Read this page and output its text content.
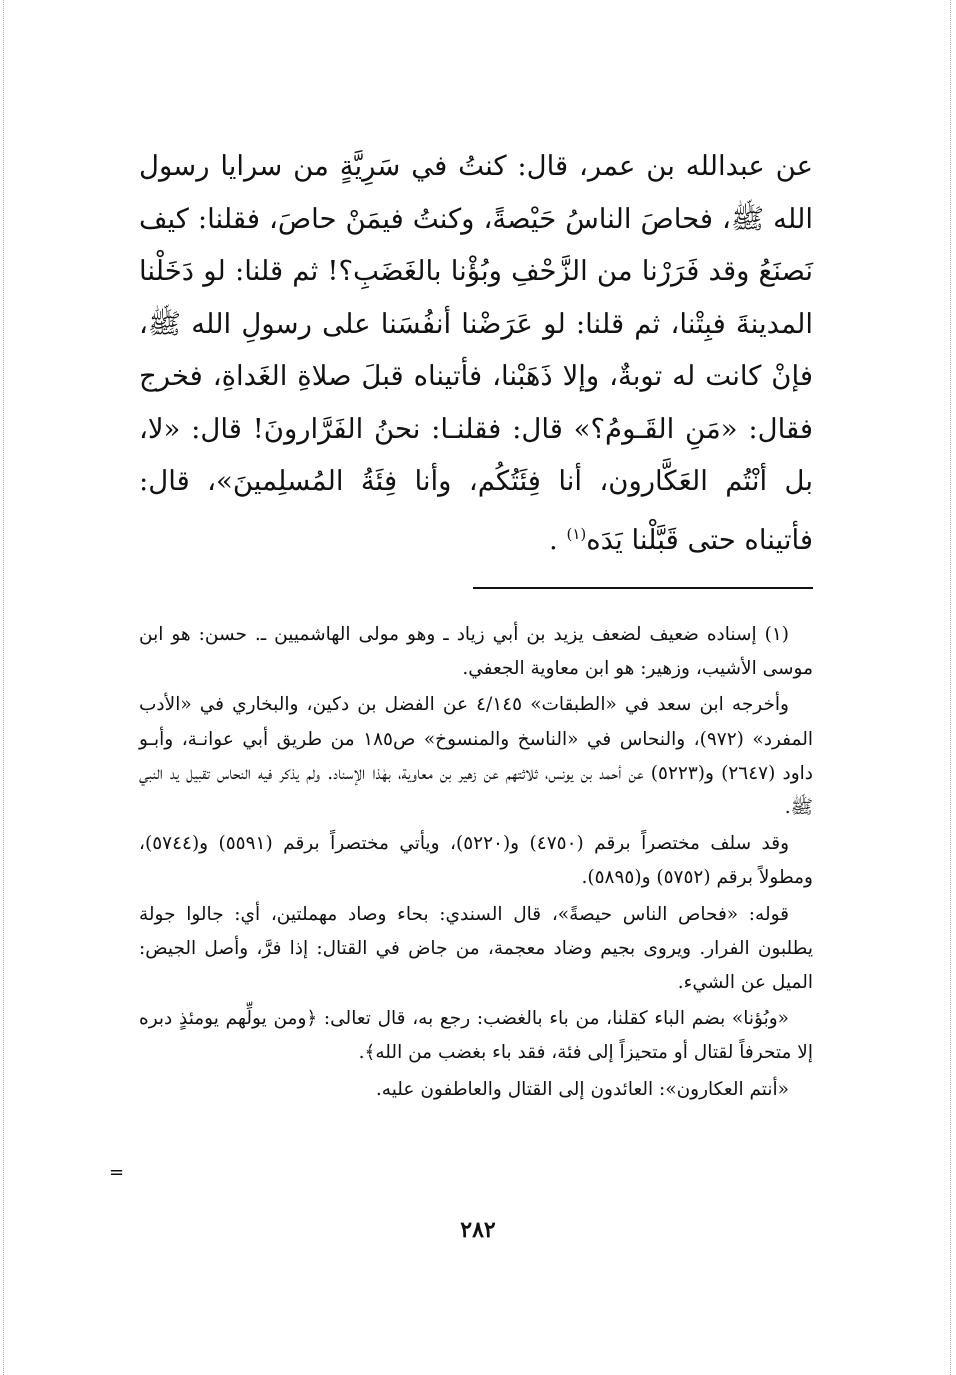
عن عبدالله بن عمر، قال: كنتُ في سَرِيَّةٍ من سرايا رسول الله ﷺ، فحاصَ الناسُ حَيْصةً، وكنتُ فيمَنْ حاصَ، فقلنا: كيف نَصنَعُ وقد فَرَرْنا من الزَّحْفِ وبُؤْنا بالغَضَبِ؟! ثم قلنا: لو دَخَلْنا المدينةَ فبِتْنا، ثم قلنا: لو عَرَضْنا أنفُسَنا على رسولِ الله ﷺ، فإنْ كانت له توبةٌ، وإلا ذَهَبْنا، فأتيناه قبلَ صلاةِ الغَداةِ، فخرج فقال: «مَنِ القَـومُ؟» قال: فقلنـا: نحنُ الفَرَّارونَ! قال: «لا، بل أنْتُم العَكَّارون، أنا فِئَتُكُم، وأنا فِئَةُ المُسلِمينَ»، قال: فأتيناه حتى قَبَّلْنا يَدَه$^{(١)}$ .

(١) إسناده ضعيف لضعف يزيد بن أبي زياد ـ وهو مولى الهاشميين ـ. حسن: هو ابن موسى الأشيب، وزهير: هو ابن معاوية الجعفي.

وأخرجه ابن سعد في «الطبقات» ٤/١٤٥ عن الفضل بن دكين، والبخاري في «الأدب المفرد» (٩٧٢)، والنحاس في «الناسخ والمنسوخ» ص١٨٥ من طريق أبي عوانـة، وأبـو داود (٢٦٤٧) و(٥٢٢٣) عن أحمد بن يونس، ثلاثتهم عن زهير بن معاوية، بهٰذا الإسناد. ولم يذكر فيه النحاس تقبيل يد النبي ﷺ.

وقد سلف مختصراً برقم (٤٧٥٠) و(٥٢٢٠)، ويأتي مختصراً برقم (٥٥٩١) و(٥٧٤٤)، ومطولاً برقم (٥٧٥٢) و(٥٨٩٥).

قوله: «فحاص الناس حيصةً»، قال السندي: بحاء وصاد مهملتين، أي: جالوا جولة يطلبون الفرار. ويروى بجيم وضاد معجمة، من جاض في القتال: إذا فرَّ، وأصل الجيض: الميل عن الشيء.

«وبُؤنا» بضم الباء كقلنا، من باء بالغضب: رجع به، قال تعالى: ﴿ومن يولِّهم يومئذٍ دبره إلا متحرفاً لقتال أو متحيزاً إلى فئة، فقد باء بغضب من الله﴾.

«أنتم العكارون»: العائدون إلى القتال والعاطفون عليه.

=
٢٨٢
